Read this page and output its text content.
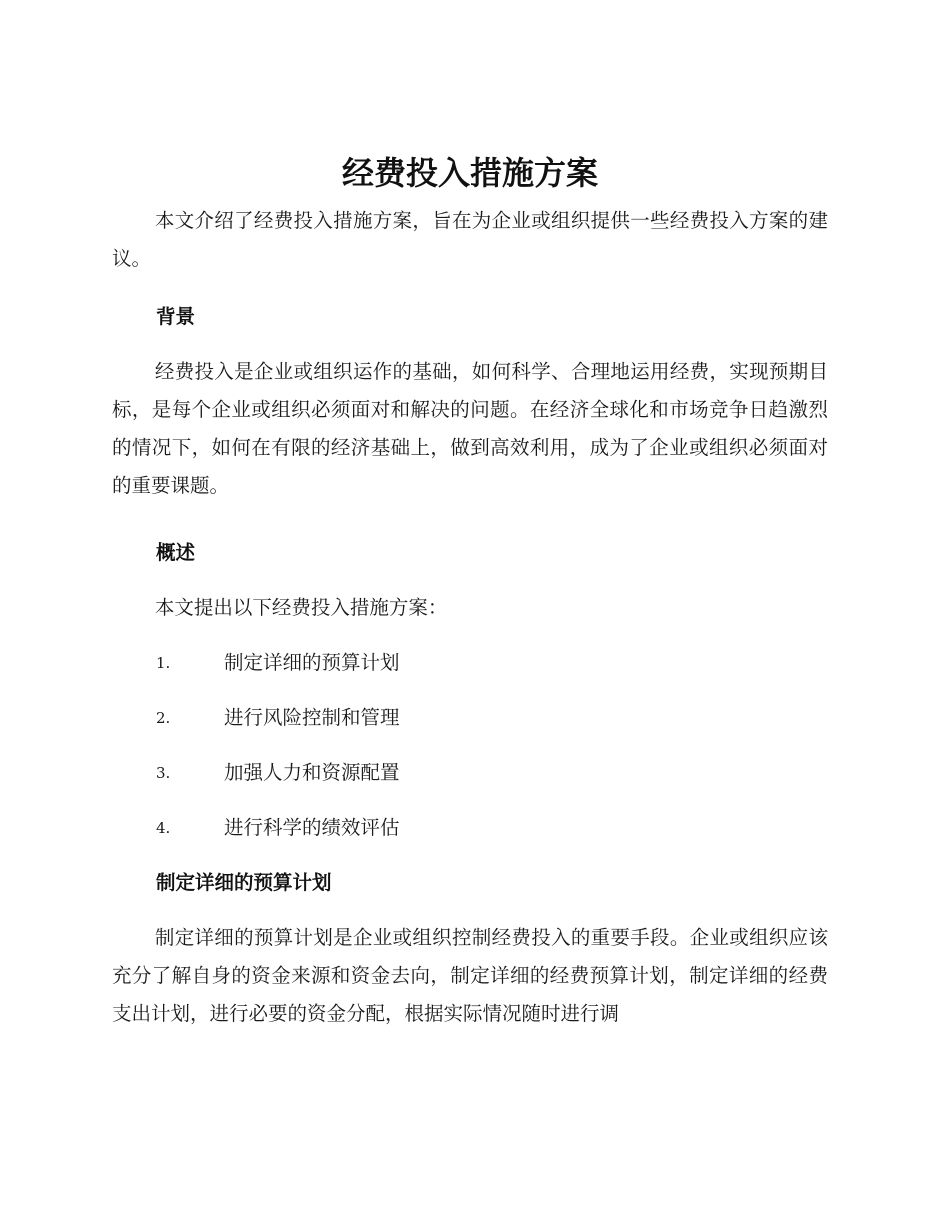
经费投入措施方案

本文介绍了经费投入措施方案，旨在为企业或组织提供一些经费投入方案的建议。

背景

经费投入是企业或组织运作的基础，如何科学、合理地运用经费，实现预期目标，是每个企业或组织必须面对和解决的问题。在经济全球化和市场竞争日趋激烈的情况下，如何在有限的经济基础上，做到高效利用，成为了企业或组织必须面对的重要课题。

概述

本文提出以下经费投入措施方案：

1.	制定详细的预算计划
2.	进行风险控制和管理
3.	加强人力和资源配置
4.	进行科学的绩效评估
制定详细的预算计划

制定详细的预算计划是企业或组织控制经费投入的重要手段。企业或组织应该充分了解自身的资金来源和资金去向，制定详细的经费预算计划，制定详细的经费支出计划，进行必要的资金分配，根据实际情况随时进行调
